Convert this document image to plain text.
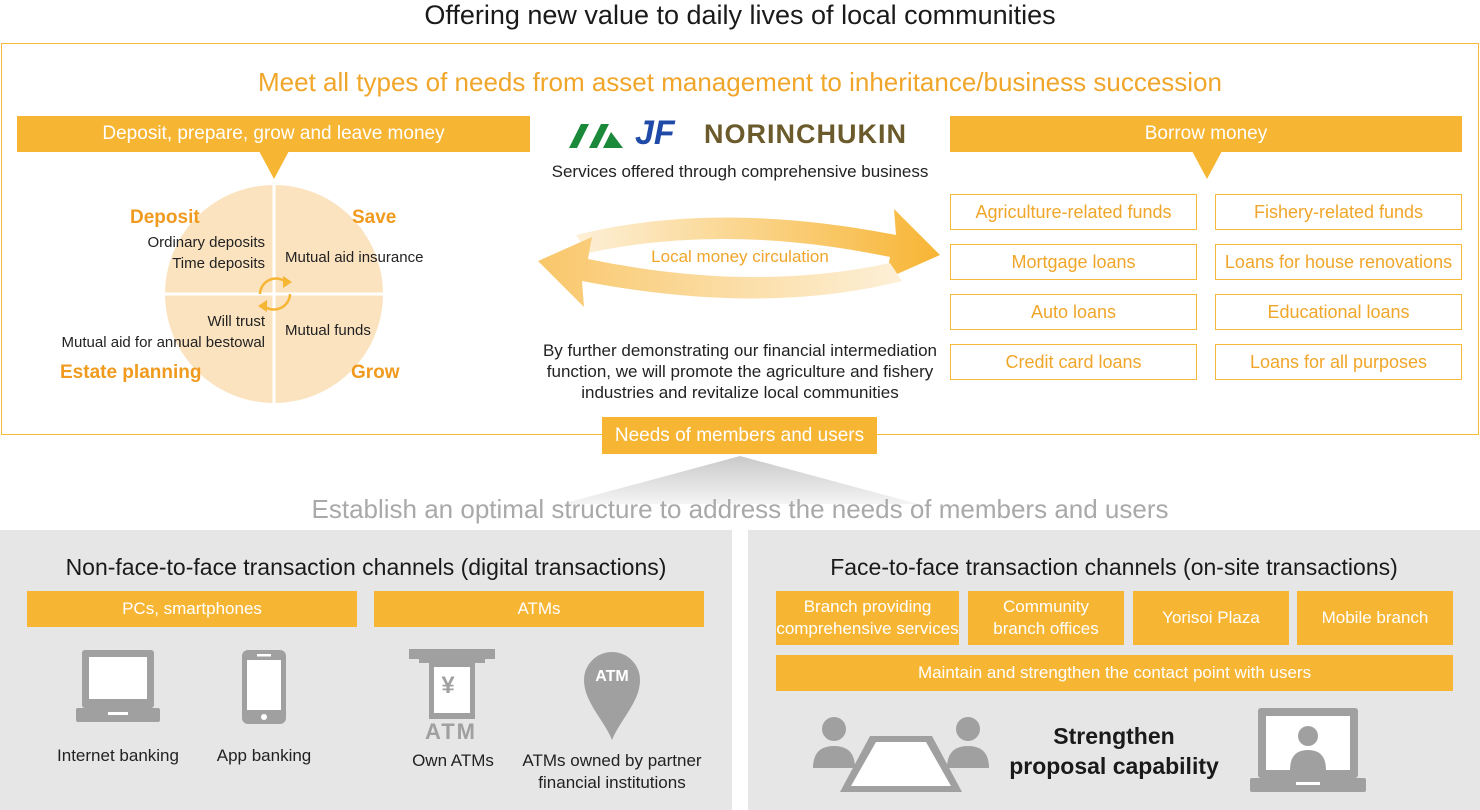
Offering new value to daily lives of local communities
Meet all types of needs from asset management to inheritance/business succession
Deposit, prepare, grow and leave money
Deposit
Ordinary deposits
Time deposits
Save
Mutual aid insurance
Will trust
Mutual aid for annual bestowal
Estate planning
Mutual funds
Grow
JF	NORINCHUKIN
Services offered through comprehensive business
Local money circulation
By further demonstrating our financial intermediation
function, we will promote the agriculture and fishery
industries and revitalize local communities
Borrow money
Agriculture-related funds	Fishery-related funds
Mortgage loans	Loans for house renovations
Auto loans	Educational loans
Credit card loans	Loans for all purposes
Needs of members and users
Establish an optimal structure to address the needs of members and users
Non-face-to-face transaction channels (digital transactions)
PCs, smartphones	ATMs
Internet banking	App banking
¥
ATM
Own ATMs
ATM
ATMs owned by partner
financial institutions
Face-to-face transaction channels (on-site transactions)
Branch providing
comprehensive services
Community
branch offices
Yorisoi Plaza	Mobile branch
Maintain and strengthen the contact point with users
Strengthen
proposal capability
